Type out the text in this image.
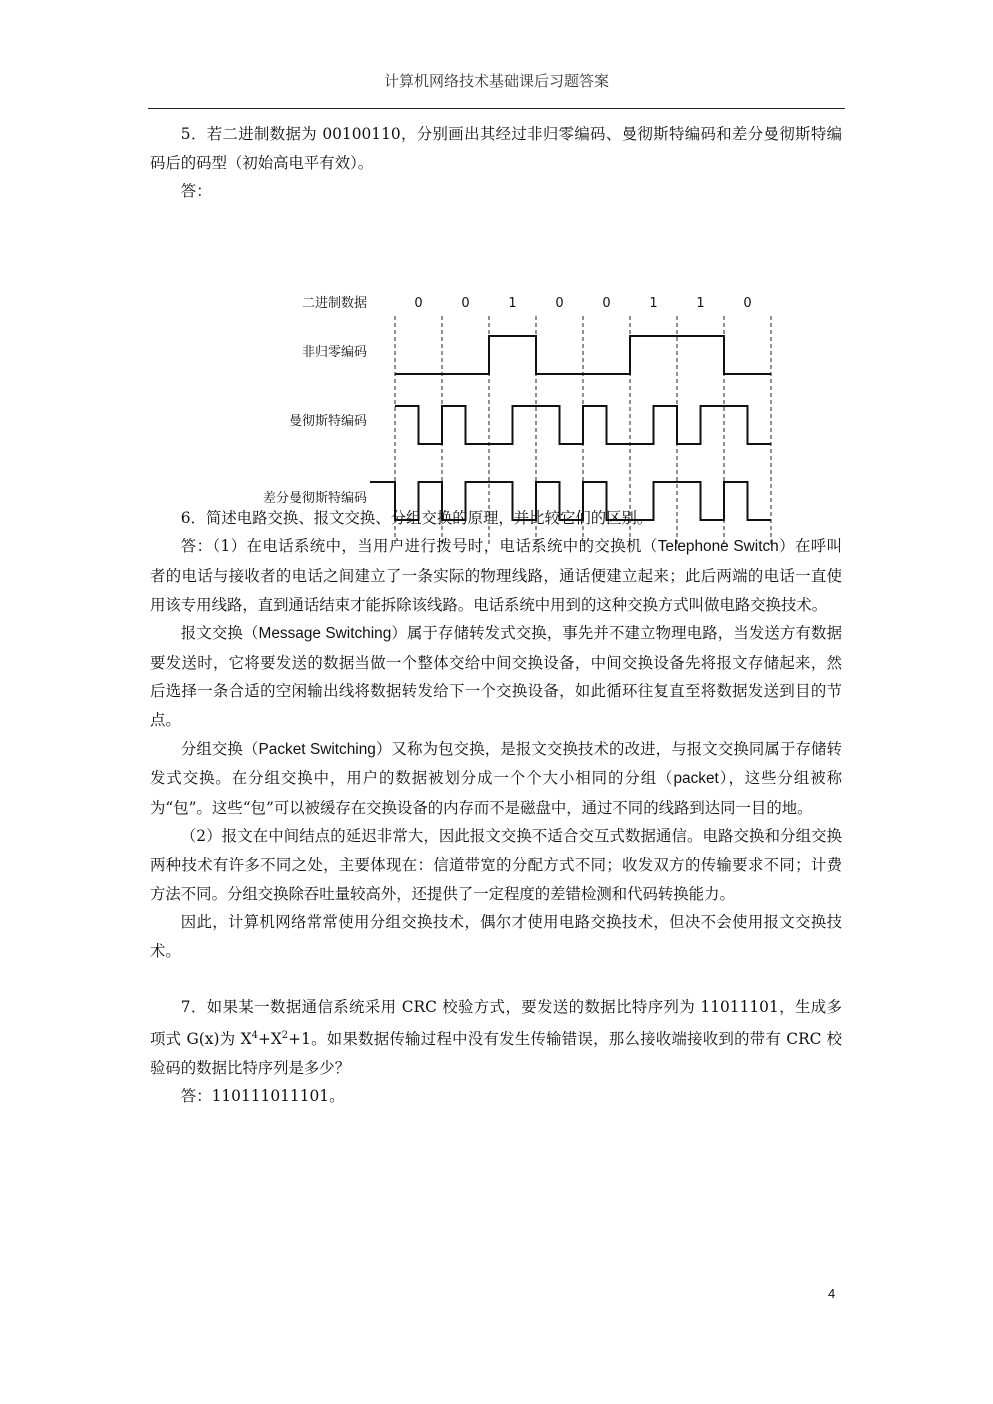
计算机网络技术基础课后习题答案

5．若二进制数据为 00100110，分别画出其经过非归零编码、曼彻斯特编码和差分曼彻斯特编码后的码型（初始高电平有效）。

答：

二进制数据
非归零编码
曼彻斯特编码
差分曼彻斯特编码
0	0	1	0	0	1	1	0

6．简述电路交换、报文交换、分组交换的原理，并比较它们的区别。

答：（1）在电话系统中，当用户进行拨号时，电话系统中的交换机（Telephone Switch）在呼叫者的电话与接收者的电话之间建立了一条实际的物理线路，通话便建立起来；此后两端的电话一直使用该专用线路，直到通话结束才能拆除该线路。电话系统中用到的这种交换方式叫做电路交换技术。

报文交换（Message Switching）属于存储转发式交换，事先并不建立物理电路，当发送方有数据要发送时，它将要发送的数据当做一个整体交给中间交换设备，中间交换设备先将报文存储起来，然后选择一条合适的空闲输出线将数据转发给下一个交换设备，如此循环往复直至将数据发送到目的节点。

分组交换（Packet Switching）又称为包交换，是报文交换技术的改进，与报文交换同属于存储转发式交换。在分组交换中，用户的数据被划分成一个个大小相同的分组（packet），这些分组被称为“包”。这些“包”可以被缓存在交换设备的内存而不是磁盘中，通过不同的线路到达同一目的地。

（2）报文在中间结点的延迟非常大，因此报文交换不适合交互式数据通信。电路交换和分组交换两种技术有许多不同之处，主要体现在：信道带宽的分配方式不同；收发双方的传输要求不同；计费方法不同。分组交换除吞吐量较高外，还提供了一定程度的差错检测和代码转换能力。

因此，计算机网络常常使用分组交换技术，偶尔才使用电路交换技术，但决不会使用报文交换技术。

7．如果某一数据通信系统采用 CRC 校验方式，要发送的数据比特序列为 11011101，生成多项式 G(x)为 $X^4+X^2+1$。如果数据传输过程中没有发生传输错误，那么接收端接收到的带有 CRC 校验码的数据比特序列是多少？

答：110111011101。

4
